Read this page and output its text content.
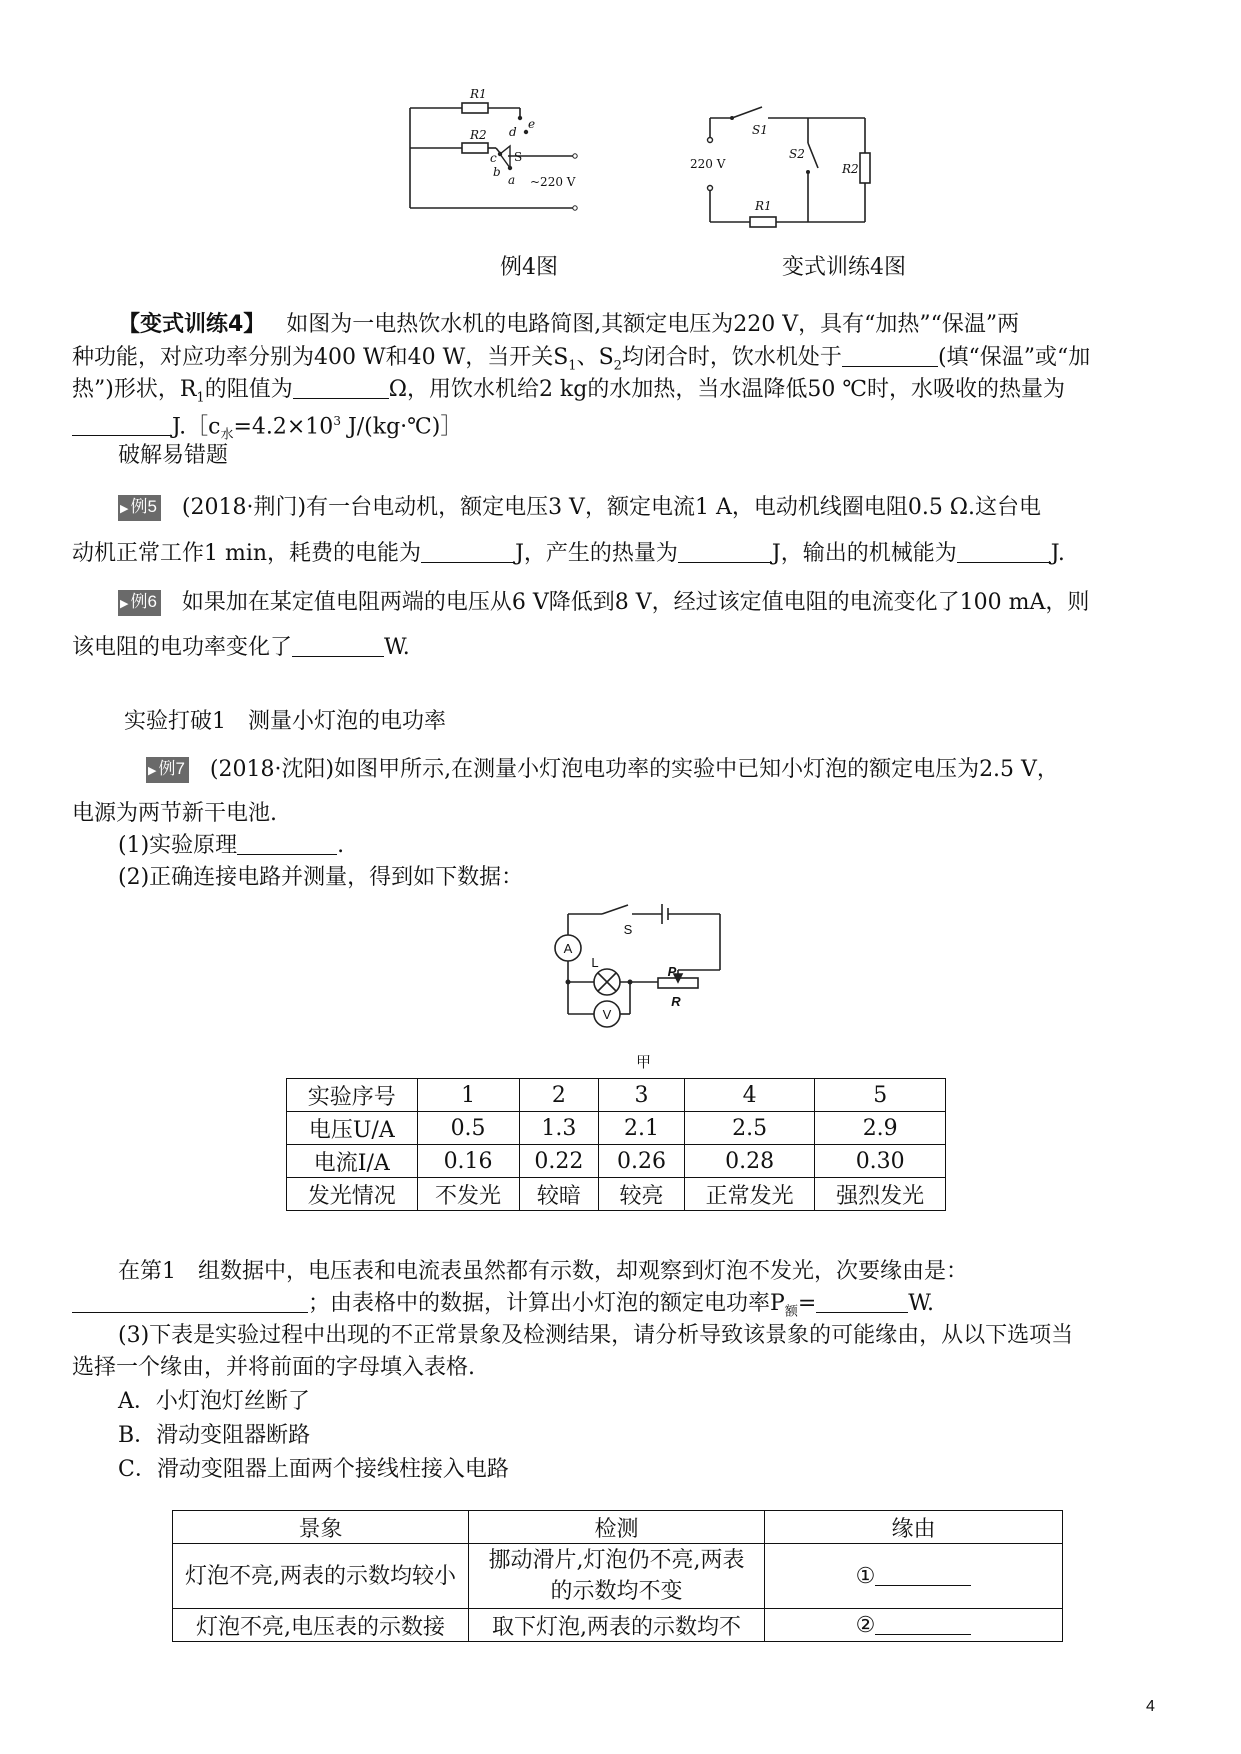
R1
R2 d
e
c
b
a
S
~220 V
例4图
S1
S2
R2
R1
220 V
变式训练4图
【变式训练4】 如图为一电热饮水机的电路简图,其额定电压为220 V，具有“加热”“保温”两
种功能，对应功率分别为400 W和40 W，当开关$S_1$、$S_2$均闭合时，饮水机处于	(填“保温”或“加
热”)形状，$R_1$的阻值为	Ω，用饮水机给2 kg的水加热，当水温降低50 ℃时，水吸收的热量为
$J.[c_水=4.2\times 10^3$ J/(kg·℃)］
破解易错题
▶ 例5 (2018·荆门)有一台电动机，额定电压3 V，额定电流1 A，电动机线圈电阻0.5 Ω.这台电
动机正常工作1 min，耗费的电能为	J，产生的热量为	J，输出的机械能为	J.
▶ 例6 如果加在某定值电阻两端的电压从6 V降低到8 V，经过该定值电阻的电流变化了100 mA，则
该电阻的电功率变化了	W.
实验打破1　测量小灯泡的电功率
▶ 例7 (2018·沈阳)如图甲所示,在测量小灯泡电功率的实验中已知小灯泡的额定电压为2.5 V，
电源为两节新干电池.
(1)实验原理	.
(2)正确连接电路并测量，得到如下数据：
A
V
L
S
P
R
甲
实验序号	1	2	3	4	5
电压U/A	0.5	1.3	2.1	2.5	2.9
电流I/A	0.16	0.22	0.26	0.28	0.30
发光情况	不发光	较暗	较亮	正常发光	强烈发光
在第1　组数据中，电压表和电流表虽然都有示数，却观察到灯泡不发光，次要缘由是：
；由表格中的数据，计算出小灯泡的额定电功率$P_额=$	W.
(3)下表是实验过程中出现的不正常景象及检测结果，请分析导致该景象的可能缘由，从以下选项当
选择一个缘由，并将前面的字母填入表格.
A．小灯泡灯丝断了
B．滑动变阻器断路
C．滑动变阻器上面两个接线柱接入电路
景象	检测	缘由
灯泡不亮,两表的示数均较小	挪动滑片,灯泡仍不亮,两表的示数均不变	①
灯泡不亮,电压表的示数接	取下灯泡,两表的示数均不	②
4
